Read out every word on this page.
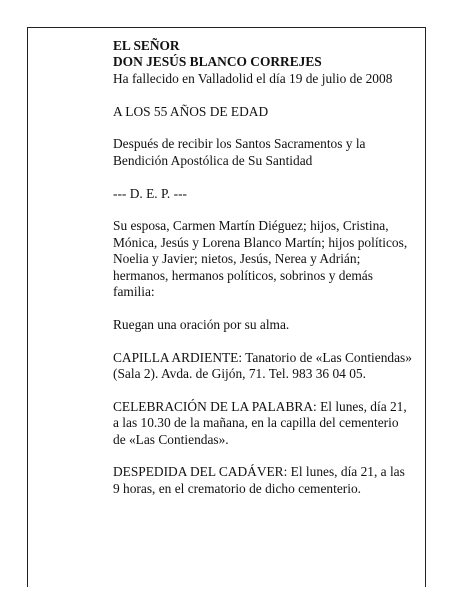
EL SEÑOR

DON JESÚS BLANCO CORREJES

Ha fallecido en Valladolid el día 19 de julio de 2008

A LOS 55 AÑOS DE EDAD

Después de recibir los Santos Sacramentos y la
Bendición Apostólica de Su Santidad

--- D. E. P. ---

Su esposa, Carmen Martín Diéguez; hijos, Cristina,
Mónica, Jesús y Lorena Blanco Martín; hijos políticos,
Noelia y Javier; nietos, Jesús, Nerea y Adrián;
hermanos, hermanos políticos, sobrinos y demás
familia:

Ruegan una oración por su alma.

CAPILLA ARDIENTE: Tanatorio de «Las Contiendas»
(Sala 2). Avda. de Gijón, 71. Tel. 983 36 04 05.

CELEBRACIÓN DE LA PALABRA: El lunes, día 21,
a las 10.30 de la mañana, en la capilla del cementerio
de «Las Contiendas».

DESPEDIDA DEL CADÁVER: El lunes, día 21, a las
9 horas, en el crematorio de dicho cementerio.
